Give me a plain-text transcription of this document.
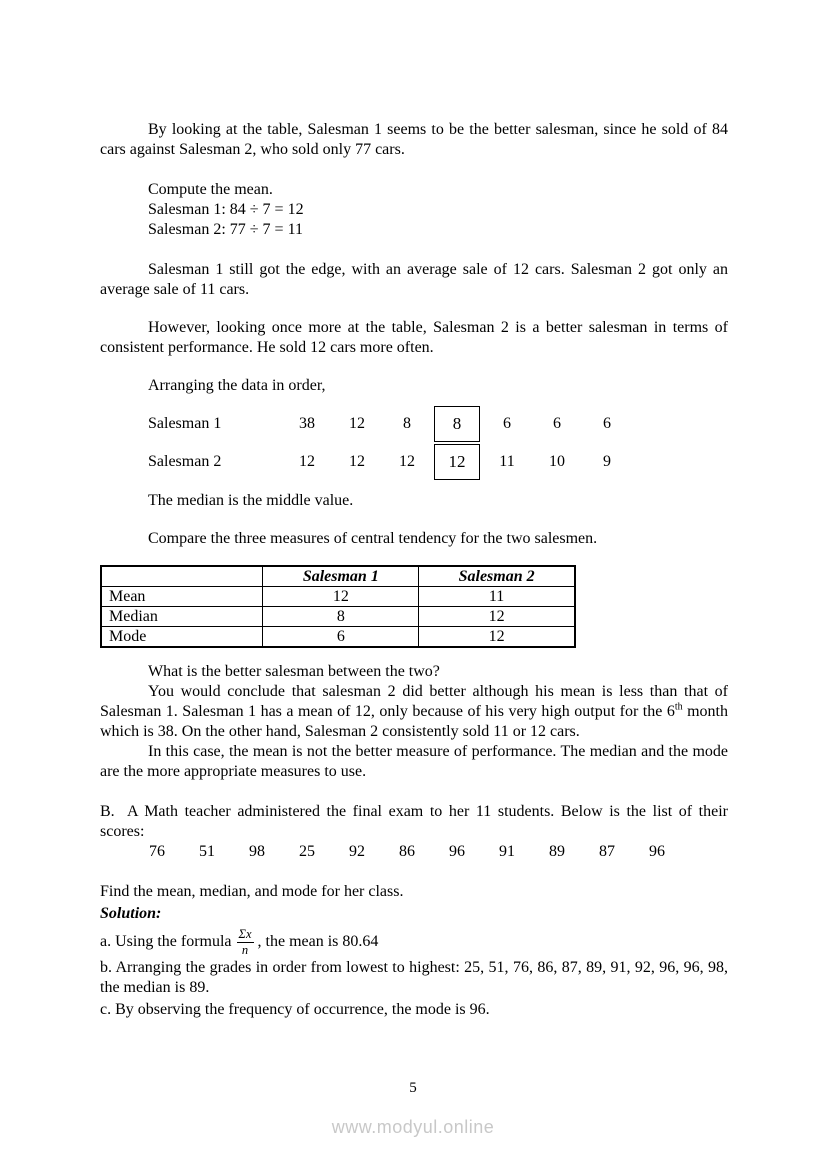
By looking at the table, Salesman 1 seems to be the better salesman, since he sold of 84 cars against Salesman 2, who sold only 77 cars.

Compute the mean.

Salesman 1: 84 ÷ 7 = 12

Salesman 2: 77 ÷ 7 = 11

Salesman 1 still got the edge, with an average sale of 12 cars. Salesman 2 got only an average sale of 11 cars.

However, looking once more at the table, Salesman 2 is a better salesman in terms of consistent performance. He sold 12 cars more often.

Arranging the data in order,

Salesman 1	38 12 8 8	6	6	6
Salesman 2	12 12 12 12 11 10 9

The median is the middle value.

Compare the three measures of central tendency for the two salesmen.

	Salesman 1	Salesman 2
Mean	12	11
Median	8	12
Mode	6	12

What is the better salesman between the two?

You would conclude that salesman 2 did better although his mean is less than that of Salesman 1. Salesman 1 has a mean of 12, only because of his very high output for the 6th month which is 38. On the other hand, Salesman 2 consistently sold 11 or 12 cars.

In this case, the mean is not the better measure of performance. The median and the mode are the more appropriate measures to use.

B.  A Math teacher administered the final exam to her 11 students. Below is the list of their scores:

76	51	98	25	92	86	96	91	89	87	96

Find the mean, median, and mode for her class.

Solution:

a. Using the formula $\frac{\Sigma x}{n}$ , the mean is 80.64

b. Arranging the grades in order from lowest to highest: 25, 51, 76, 86, 87, 89, 91, 92, 96, 96, 98, the median is 89.

c. By observing the frequency of occurrence, the mode is 96.

5
www.modyul.online
